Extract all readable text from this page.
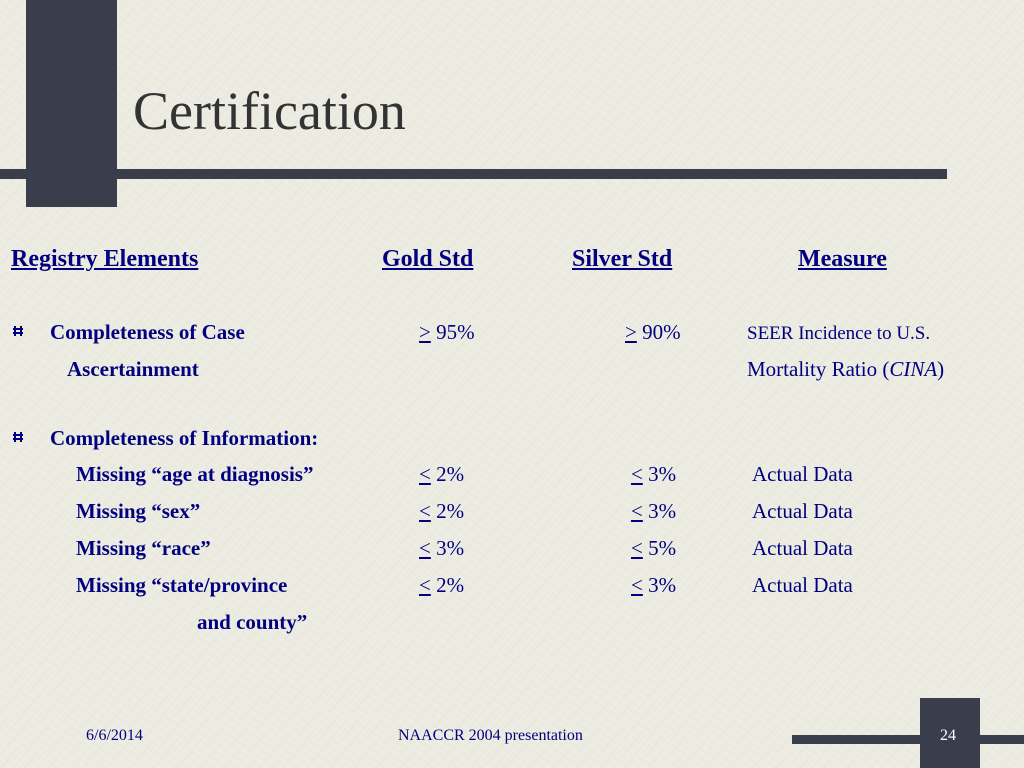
Certification
Registry Elements	Gold Std	Silver Std	Measure
Completeness of Case
Ascertainment
> 95%	> 90%	SEER Incidence to U.S.
Mortality Ratio (CINA)
Completeness of Information:
Missing “age at diagnosis”	< 2%	< 3%	Actual Data
Missing “sex”	< 2%	< 3%	Actual Data
Missing “race”	< 3%	< 5%	Actual Data
Missing “state/province
and county”
< 2%	< 3%	Actual Data
6/6/2014	NAACCR 2004 presentation	24
